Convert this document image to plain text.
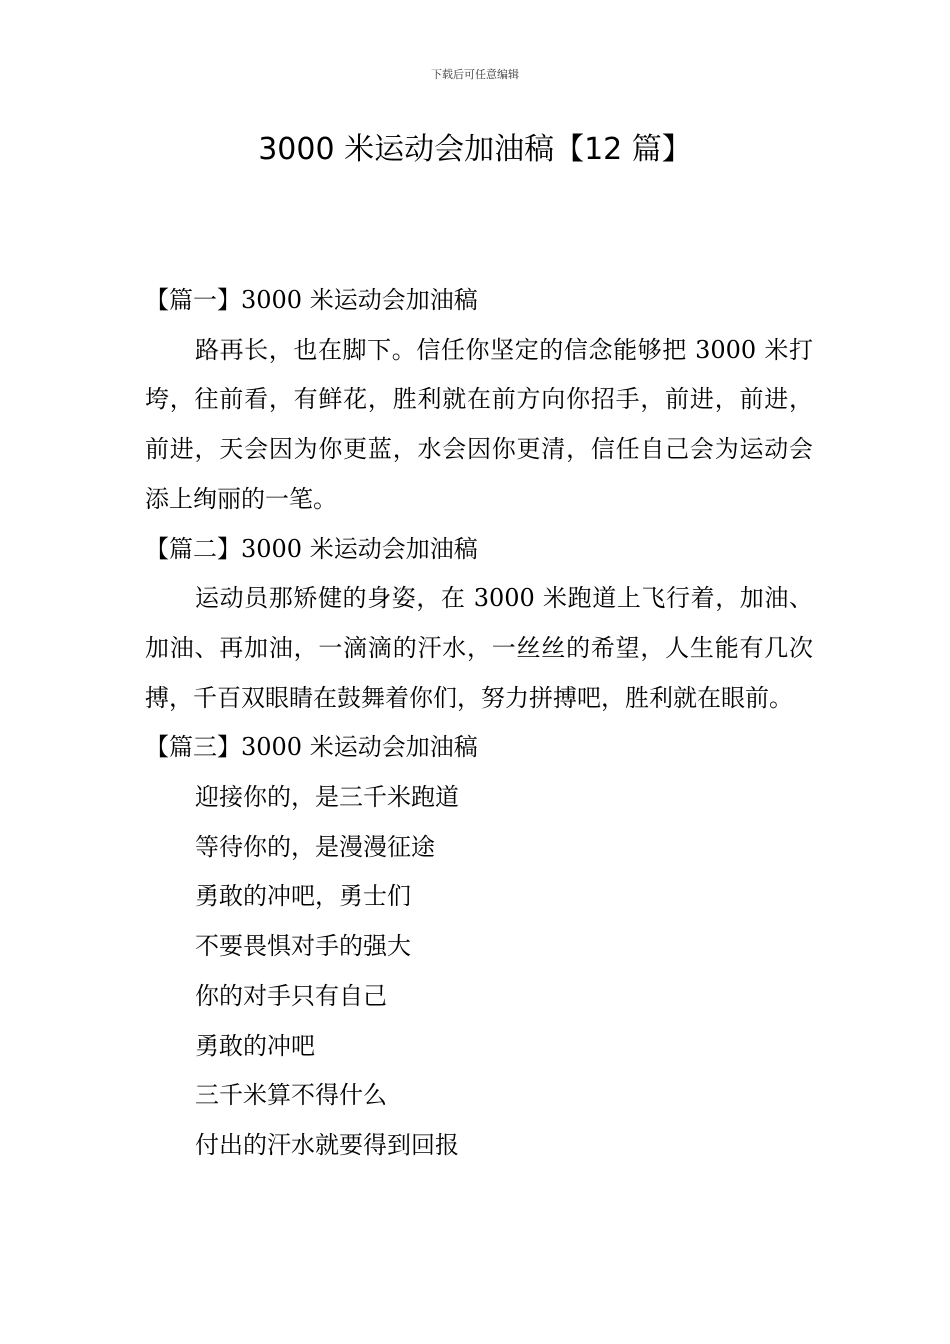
下载后可任意编辑
3000 米运动会加油稿【12 篇】

【篇一】3000 米运动会加油稿

路再长，也在脚下。信任你坚定的信念能够把 3000 米打垮，往前看，有鲜花，胜利就在前方向你招手，前进，前进，前进，天会因为你更蓝，水会因你更清，信任自己会为运动会添上绚丽的一笔。

【篇二】3000 米运动会加油稿

运动员那矫健的身姿，在 3000 米跑道上飞行着，加油、加油、再加油，一滴滴的汗水，一丝丝的希望，人生能有几次搏，千百双眼睛在鼓舞着你们，努力拼搏吧，胜利就在眼前。

【篇三】3000 米运动会加油稿

迎接你的，是三千米跑道

等待你的，是漫漫征途

勇敢的冲吧，勇士们

不要畏惧对手的强大

你的对手只有自己

勇敢的冲吧

三千米算不得什么

付出的汗水就要得到回报
